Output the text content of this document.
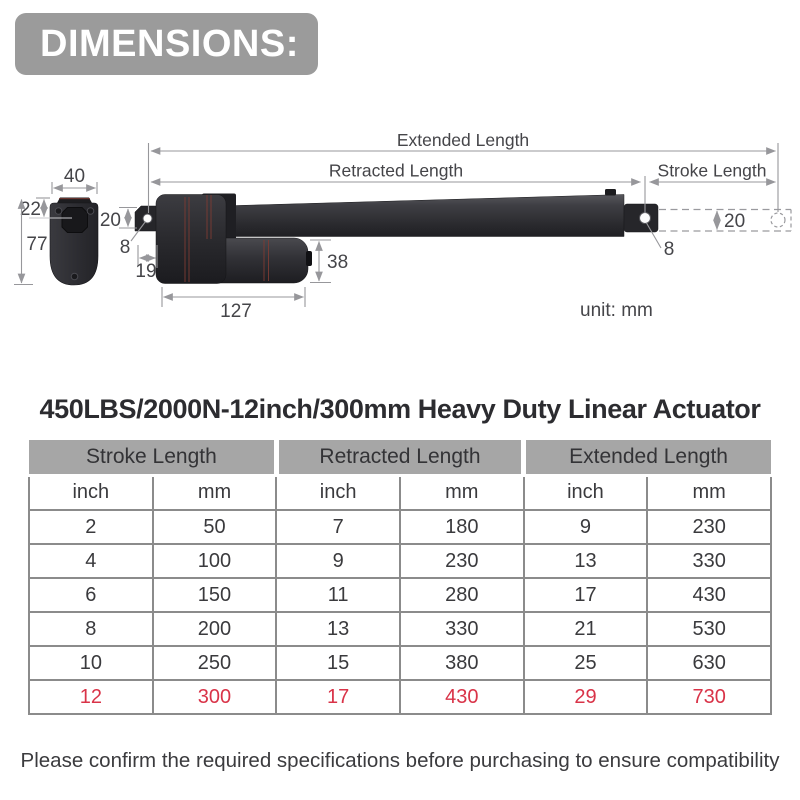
DIMENSIONS:
Extended Length
Retracted Length	Stroke Length
40
22
77
20
8
19
127
38
20
8
unit: mm
450LBS/2000N-12inch/300mm Heavy Duty Linear Actuator
Stroke Length		Retracted Length		Extended Length	
inch	mm	inch	mm	inch	mm
2	50	7	180	9	230
4	100	9	230	13	330
6	150	11	280	17	430
8	200	13	330	21	530
10	250	15	380	25	630
12	300	17	430	29	730
Please confirm the required specifications before purchasing to ensure compatibility
